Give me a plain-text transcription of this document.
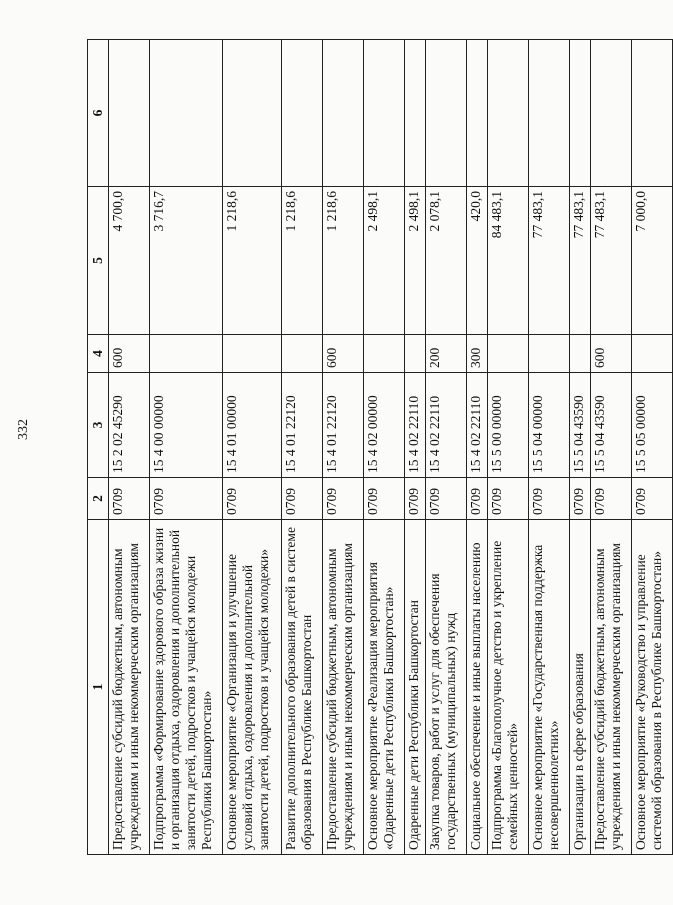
332
1	2	3	4	5	6
Предоставление субсидий бюджетным, автономным учреждениям и иным некоммерческим организациям	0709	15 2 02 45290	600	4 700,0	
Подпрограмма «Формирование здорового образа жизни и организация отдыха, оздоровления и дополнительной занятости детей, подростков и учащейся молодежи Республики Башкортостан»	0709	15 4 00 00000		3 716,7	
Основное мероприятие «Организация и улучшение условий отдыха, оздоровления и дополнительной занятости детей, подростков и учащейся молодежи»	0709	15 4 01 00000		1 218,6	
Развитие дополнительного образования детей в системе образования в Республике Башкортостан	0709	15 4 01 22120		1 218,6	
Предоставление субсидий бюджетным, автономным учреждениям и иным некоммерческим организациям	0709	15 4 01 22120	600	1 218,6	
Основное мероприятие «Реализация мероприятия «Одаренные дети Республики Башкортостан»	0709	15 4 02 00000		2 498,1	
Одаренные дети Республики Башкортостан	0709	15 4 02 22110		2 498,1	
Закупка товаров, работ и услуг для обеспечения государственных (муниципальных) нужд	0709	15 4 02 22110	200	2 078,1	
Социальное обеспечение и иные выплаты населению	0709	15 4 02 22110	300	420,0	
Подпрограмма «Благополучное детство и укрепление семейных ценностей»	0709	15 5 00 00000		84 483,1	
Основное мероприятие «Государственная поддержка несовершеннолетних»	0709	15 5 04 00000		77 483,1	
Организации в сфере образования	0709	15 5 04 43590		77 483,1	
Предоставление субсидий бюджетным, автономным учреждениям и иным некоммерческим организациям	0709	15 5 04 43590	600	77 483,1	
Основное мероприятие «Руководство и управление системой образования в Республике Башкортостан»	0709	15 5 05 00000		7 000,0	
